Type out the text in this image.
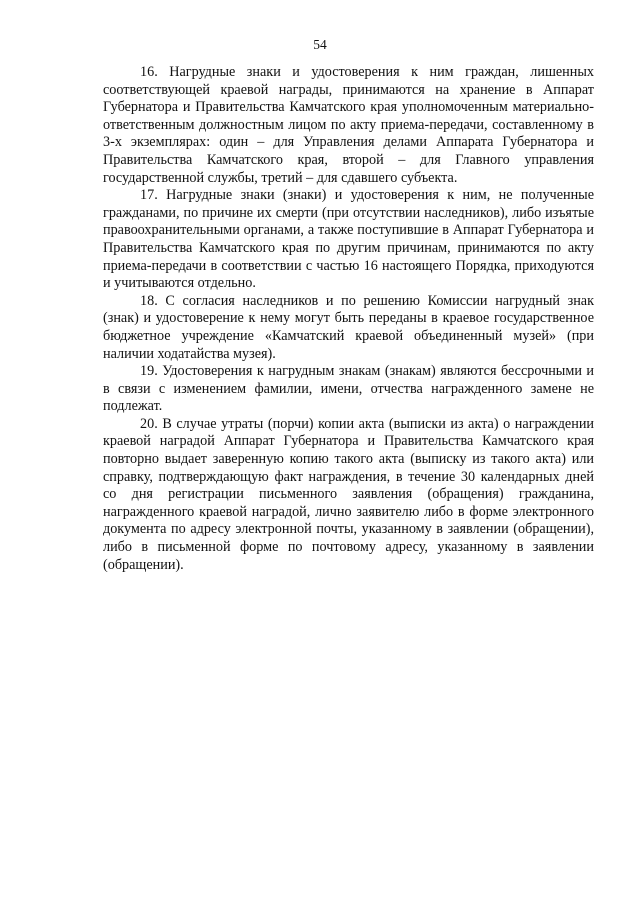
54

16. Нагрудные знаки и удостоверения к ним граждан, лишенных соответствующей краевой награды, принимаются на хранение в Аппарат Губернатора и Правительства Камчатского края уполномоченным материально-ответственным должностным лицом по акту приема-передачи, составленному в 3-х экземплярах: один – для Управления делами Аппарата Губернатора и Правительства Камчатского края, второй – для Главного управления государственной службы, третий – для сдавшего субъекта.

17. Нагрудные знаки (знаки) и удостоверения к ним, не полученные гражданами, по причине их смерти (при отсутствии наследников), либо изъятые правоохранительными органами, а также поступившие в Аппарат Губернатора и Правительства Камчатского края по другим причинам, принимаются по акту приема-передачи в соответствии с частью 16 настоящего Порядка, приходуются и учитываются отдельно.

18. С согласия наследников и по решению Комиссии нагрудный знак (знак) и удостоверение к нему могут быть переданы в краевое государственное бюджетное учреждение «Камчатский краевой объединенный музей» (при наличии ходатайства музея).

19. Удостоверения к нагрудным знакам (знакам) являются бессрочными и в связи с изменением фамилии, имени, отчества награжденного замене не подлежат.

20. В случае утраты (порчи) копии акта (выписки из акта) о награждении краевой наградой Аппарат Губернатора и Правительства Камчатского края повторно выдает заверенную копию такого акта (выписку из такого акта) или справку, подтверждающую факт награждения, в течение 30 календарных дней со дня регистрации письменного заявления (обращения) гражданина, награжденного краевой наградой, лично заявителю либо в форме электронного документа по адресу электронной почты, указанному в заявлении (обращении), либо в письменной форме по почтовому адресу, указанному в заявлении (обращении).
